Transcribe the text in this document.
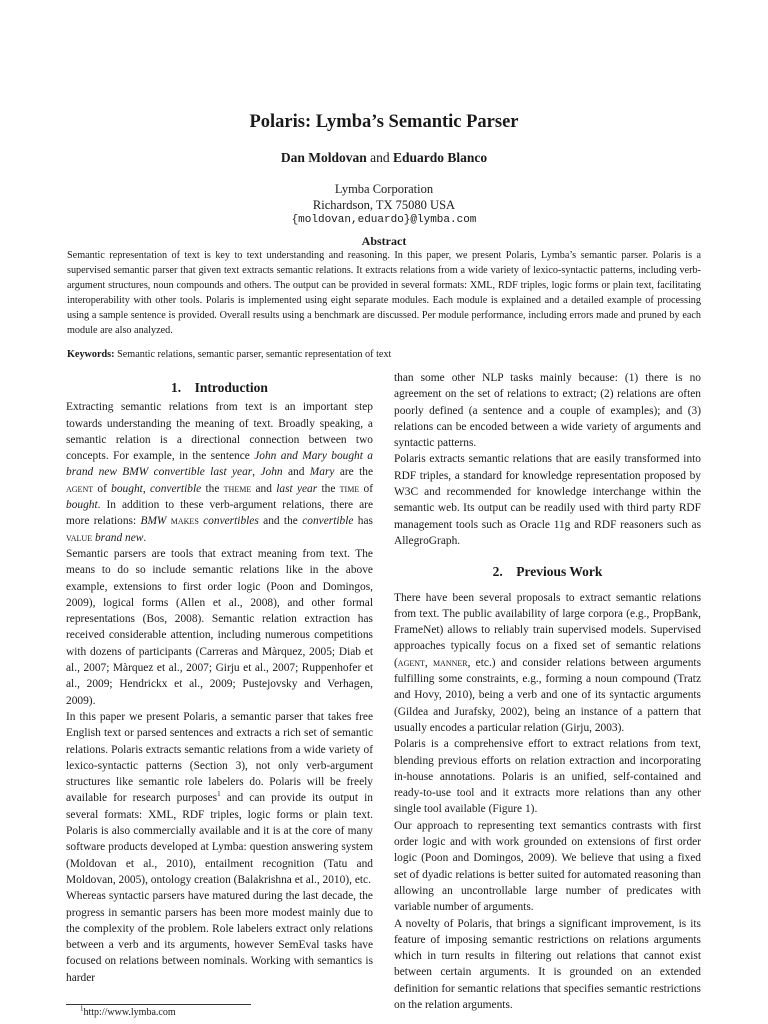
Polaris: Lymba’s Semantic Parser

Dan Moldovan and Eduardo Blanco

Lymba Corporation
Richardson, TX 75080 USA
{moldovan,eduardo}@lymba.com
Abstract

Semantic representation of text is key to text understanding and reasoning. In this paper, we present Polaris, Lymba’s semantic parser. Polaris is a supervised semantic parser that given text extracts semantic relations. It extracts relations from a wide variety of lexico-syntactic patterns, including verb-argument structures, noun compounds and others. The output can be provided in several formats: XML, RDF triples, logic forms or plain text, facilitating interoperability with other tools. Polaris is implemented using eight separate modules. Each module is explained and a detailed example of processing using a sample sentence is provided. Overall results using a benchmark are discussed. Per module performance, including errors made and pruned by each module are also analyzed.

Keywords: Semantic relations, semantic parser, semantic representation of text

1. Introduction

Extracting semantic relations from text is an important step towards understanding the meaning of text. Broadly speaking, a semantic relation is a directional connection between two concepts. For example, in the sentence John and Mary bought a brand new BMW convertible last year, John and Mary are the agent of bought, convertible the theme and last year the time of bought. In addition to these verb-argument relations, there are more relations: BMW makes convertibles and the convertible has value brand new.

Semantic parsers are tools that extract meaning from text. The means to do so include semantic relations like in the above example, extensions to first order logic (Poon and Domingos, 2009), logical forms (Allen et al., 2008), and other formal representations (Bos, 2008). Semantic relation extraction has received considerable attention, including numerous competitions with dozens of participants (Carreras and Màrquez, 2005; Diab et al., 2007; Màrquez et al., 2007; Girju et al., 2007; Ruppenhofer et al., 2009; Hendrickx et al., 2009; Pustejovsky and Verhagen, 2009).

In this paper we present Polaris, a semantic parser that takes free English text or parsed sentences and extracts a rich set of semantic relations. Polaris extracts semantic relations from a wide variety of lexico-syntactic patterns (Section 3), not only verb-argument structures like semantic role labelers do. Polaris will be freely available for research purposes$^1$ and can provide its output in several formats: XML, RDF triples, logic forms or plain text. Polaris is also commercially available and it is at the core of many software products developed at Lymba: question answering system (Moldovan et al., 2010), entailment recognition (Tatu and Moldovan, 2005), ontology creation (Balakrishna et al., 2010), etc.

Whereas syntactic parsers have matured during the last decade, the progress in semantic parsers has been more modest mainly due to the complexity of the problem. Role labelers extract only relations between a verb and its arguments, however SemEval tasks have focused on relations between nominals. Working with semantics is harder

than some other NLP tasks mainly because: (1) there is no agreement on the set of relations to extract; (2) relations are often poorly defined (a sentence and a couple of examples); and (3) relations can be encoded between a wide variety of arguments and syntactic patterns.

Polaris extracts semantic relations that are easily transformed into RDF triples, a standard for knowledge representation proposed by W3C and recommended for knowledge interchange within the semantic web. Its output can be readily used with third party RDF management tools such as Oracle 11g and RDF reasoners such as AllegroGraph.

2. Previous Work

There have been several proposals to extract semantic relations from text. The public availability of large corpora (e.g., PropBank, FrameNet) allows to reliably train supervised models. Supervised approaches typically focus on a fixed set of semantic relations (agent, manner, etc.) and consider relations between arguments fulfilling some constraints, e.g., forming a noun compound (Tratz and Hovy, 2010), being a verb and one of its syntactic arguments (Gildea and Jurafsky, 2002), being an instance of a pattern that usually encodes a particular relation (Girju, 2003).

Polaris is a comprehensive effort to extract relations from text, blending previous efforts on relation extraction and incorporating in-house annotations. Polaris is an unified, self-contained and ready-to-use tool and it extracts more relations than any other single tool available (Figure 1).

Our approach to representing text semantics contrasts with first order logic and with work grounded on extensions of first order logic (Poon and Domingos, 2009). We believe that using a fixed set of dyadic relations is better suited for automated reasoning than allowing an uncontrollable large number of predicates with variable number of arguments.

A novelty of Polaris, that brings a significant improvement, is its feature of imposing semantic restrictions on relations arguments which in turn results in filtering out relations that cannot exist between certain arguments. It is grounded on an extended definition for semantic relations that specifies semantic restrictions on the relation arguments.

$^1$http://www.lymba.com
